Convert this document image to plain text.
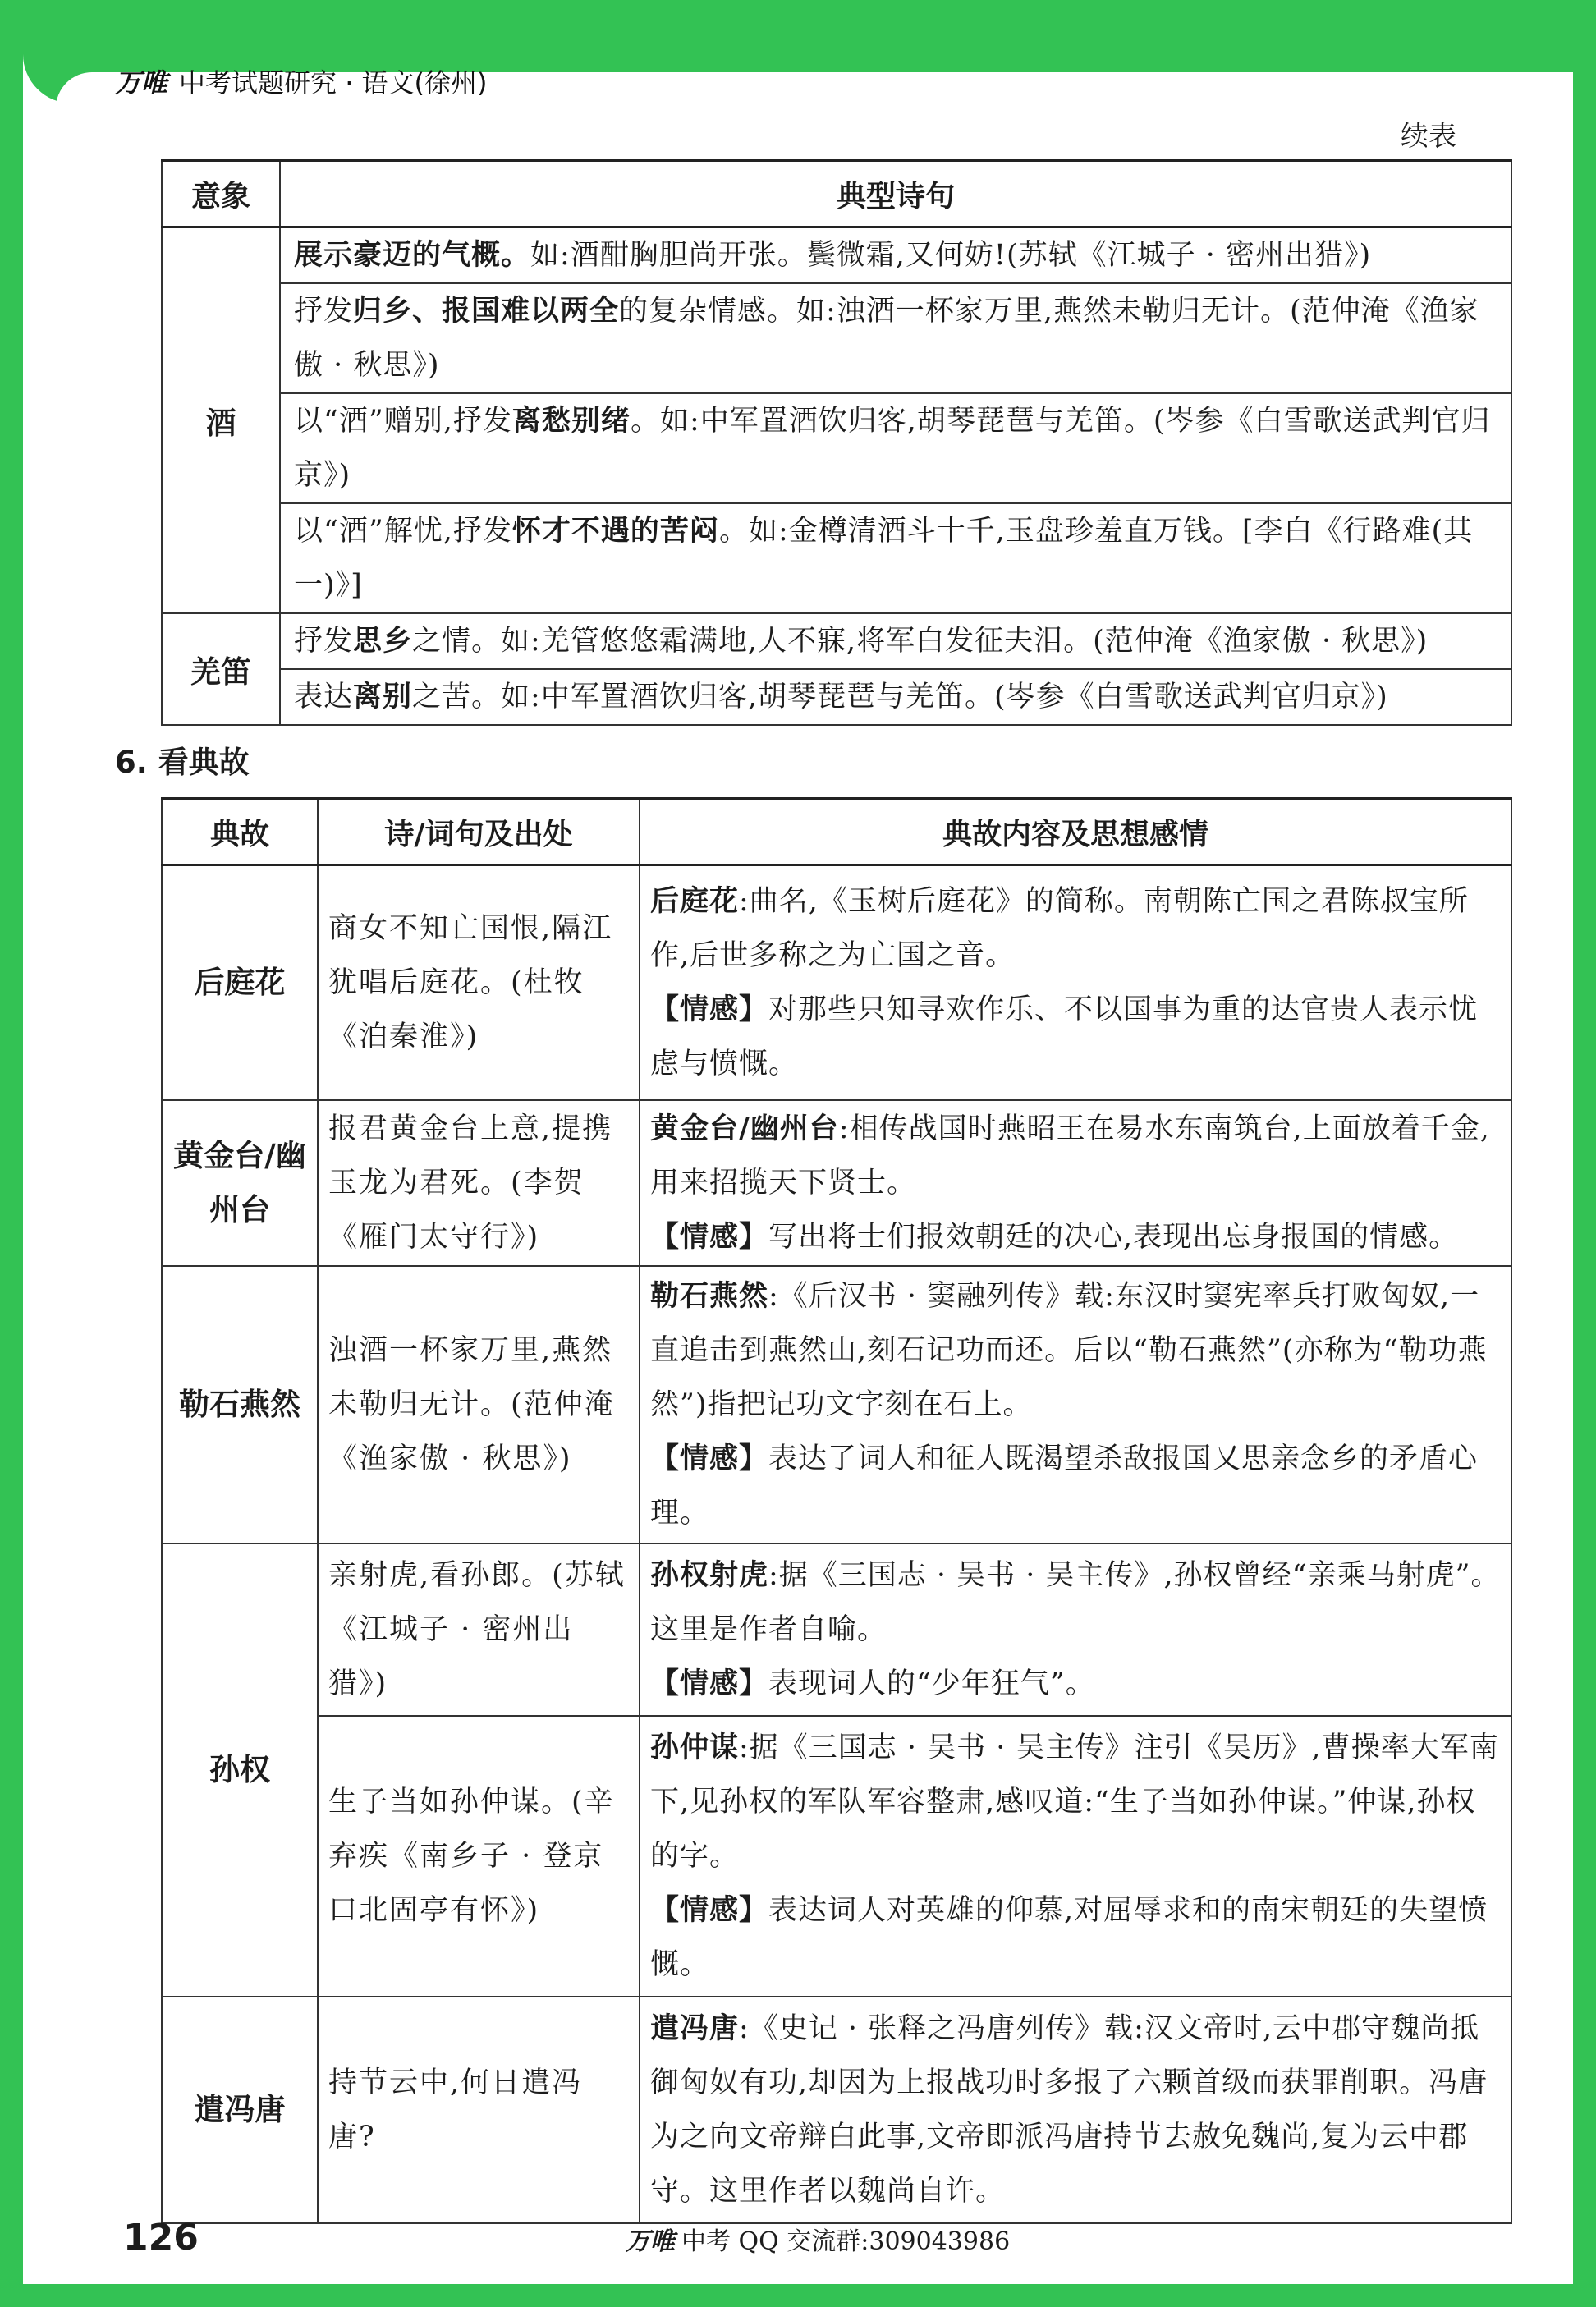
万唯 中考试题研究 · 语文(徐州)
续表
意象	典型诗句
酒	展示豪迈的气概。如:酒酣胸胆尚开张。鬓微霜,又何妨!(苏轼《江城子 · 密州出猎》)
	抒发归乡、报国难以两全的复杂情感。如:浊酒一杯家万里,燕然未勒归无计。(范仲淹《渔家傲 · 秋思》)
	以“酒”赠别,抒发离愁别绪。如:中军置酒饮归客,胡琴琵琶与羌笛。(岑参《白雪歌送武判官归京》)
	以“酒”解忧,抒发怀才不遇的苦闷。如:金樽清酒斗十千,玉盘珍羞直万钱。[李白《行路难(其一)》]
羌笛	抒发思乡之情。如:羌管悠悠霜满地,人不寐,将军白发征夫泪。(范仲淹《渔家傲 · 秋思》)
	表达离别之苦。如:中军置酒饮归客,胡琴琵琶与羌笛。(岑参《白雪歌送武判官归京》)
6. 看典故
典故	诗/词句及出处	典故内容及思想感情
后庭花	商女不知亡国恨,隔江犹唱后庭花。(杜牧《泊秦淮》)	后庭花:曲名,《玉树后庭花》的简称。南朝陈亡国之君陈叔宝所作,后世多称之为亡国之音。
【情感】对那些只知寻欢作乐、不以国事为重的达官贵人表示忧虑与愤慨。
黄金台/幽州台	报君黄金台上意,提携玉龙为君死。(李贺《雁门太守行》)	黄金台/幽州台:相传战国时燕昭王在易水东南筑台,上面放着千金,用来招揽天下贤士。
【情感】写出将士们报效朝廷的决心,表现出忘身报国的情感。
勒石燕然	浊酒一杯家万里,燕然未勒归无计。(范仲淹《渔家傲 · 秋思》)	勒石燕然:《后汉书 · 窦融列传》载:东汉时窦宪率兵打败匈奴,一直追击到燕然山,刻石记功而还。后以“勒石燕然”(亦称为“勒功燕然”)指把记功文字刻在石上。
【情感】表达了词人和征人既渴望杀敌报国又思亲念乡的矛盾心理。
孙权	亲射虎,看孙郎。(苏轼《江城子 · 密州出猎》)	孙权射虎:据《三国志 · 吴书 · 吴主传》,孙权曾经“亲乘马射虎”。这里是作者自喻。
【情感】表现词人的“少年狂气”。
	生子当如孙仲谋。(辛弃疾《南乡子 · 登京口北固亭有怀》)	孙仲谋:据《三国志 · 吴书 · 吴主传》注引《吴历》,曹操率大军南下,见孙权的军队军容整肃,感叹道:“生子当如孙仲谋。”仲谋,孙权的字。
【情感】表达词人对英雄的仰慕,对屈辱求和的南宋朝廷的失望愤慨。
遣冯唐	持节云中,何日遣冯唐?	遣冯唐:《史记 · 张释之冯唐列传》载:汉文帝时,云中郡守魏尚抵御匈奴有功,却因为上报战功时多报了六颗首级而获罪削职。冯唐为之向文帝辩白此事,文帝即派冯唐持节去赦免魏尚,复为云中郡守。这里作者以魏尚自许。
126	万唯 中考 QQ 交流群:309043986
